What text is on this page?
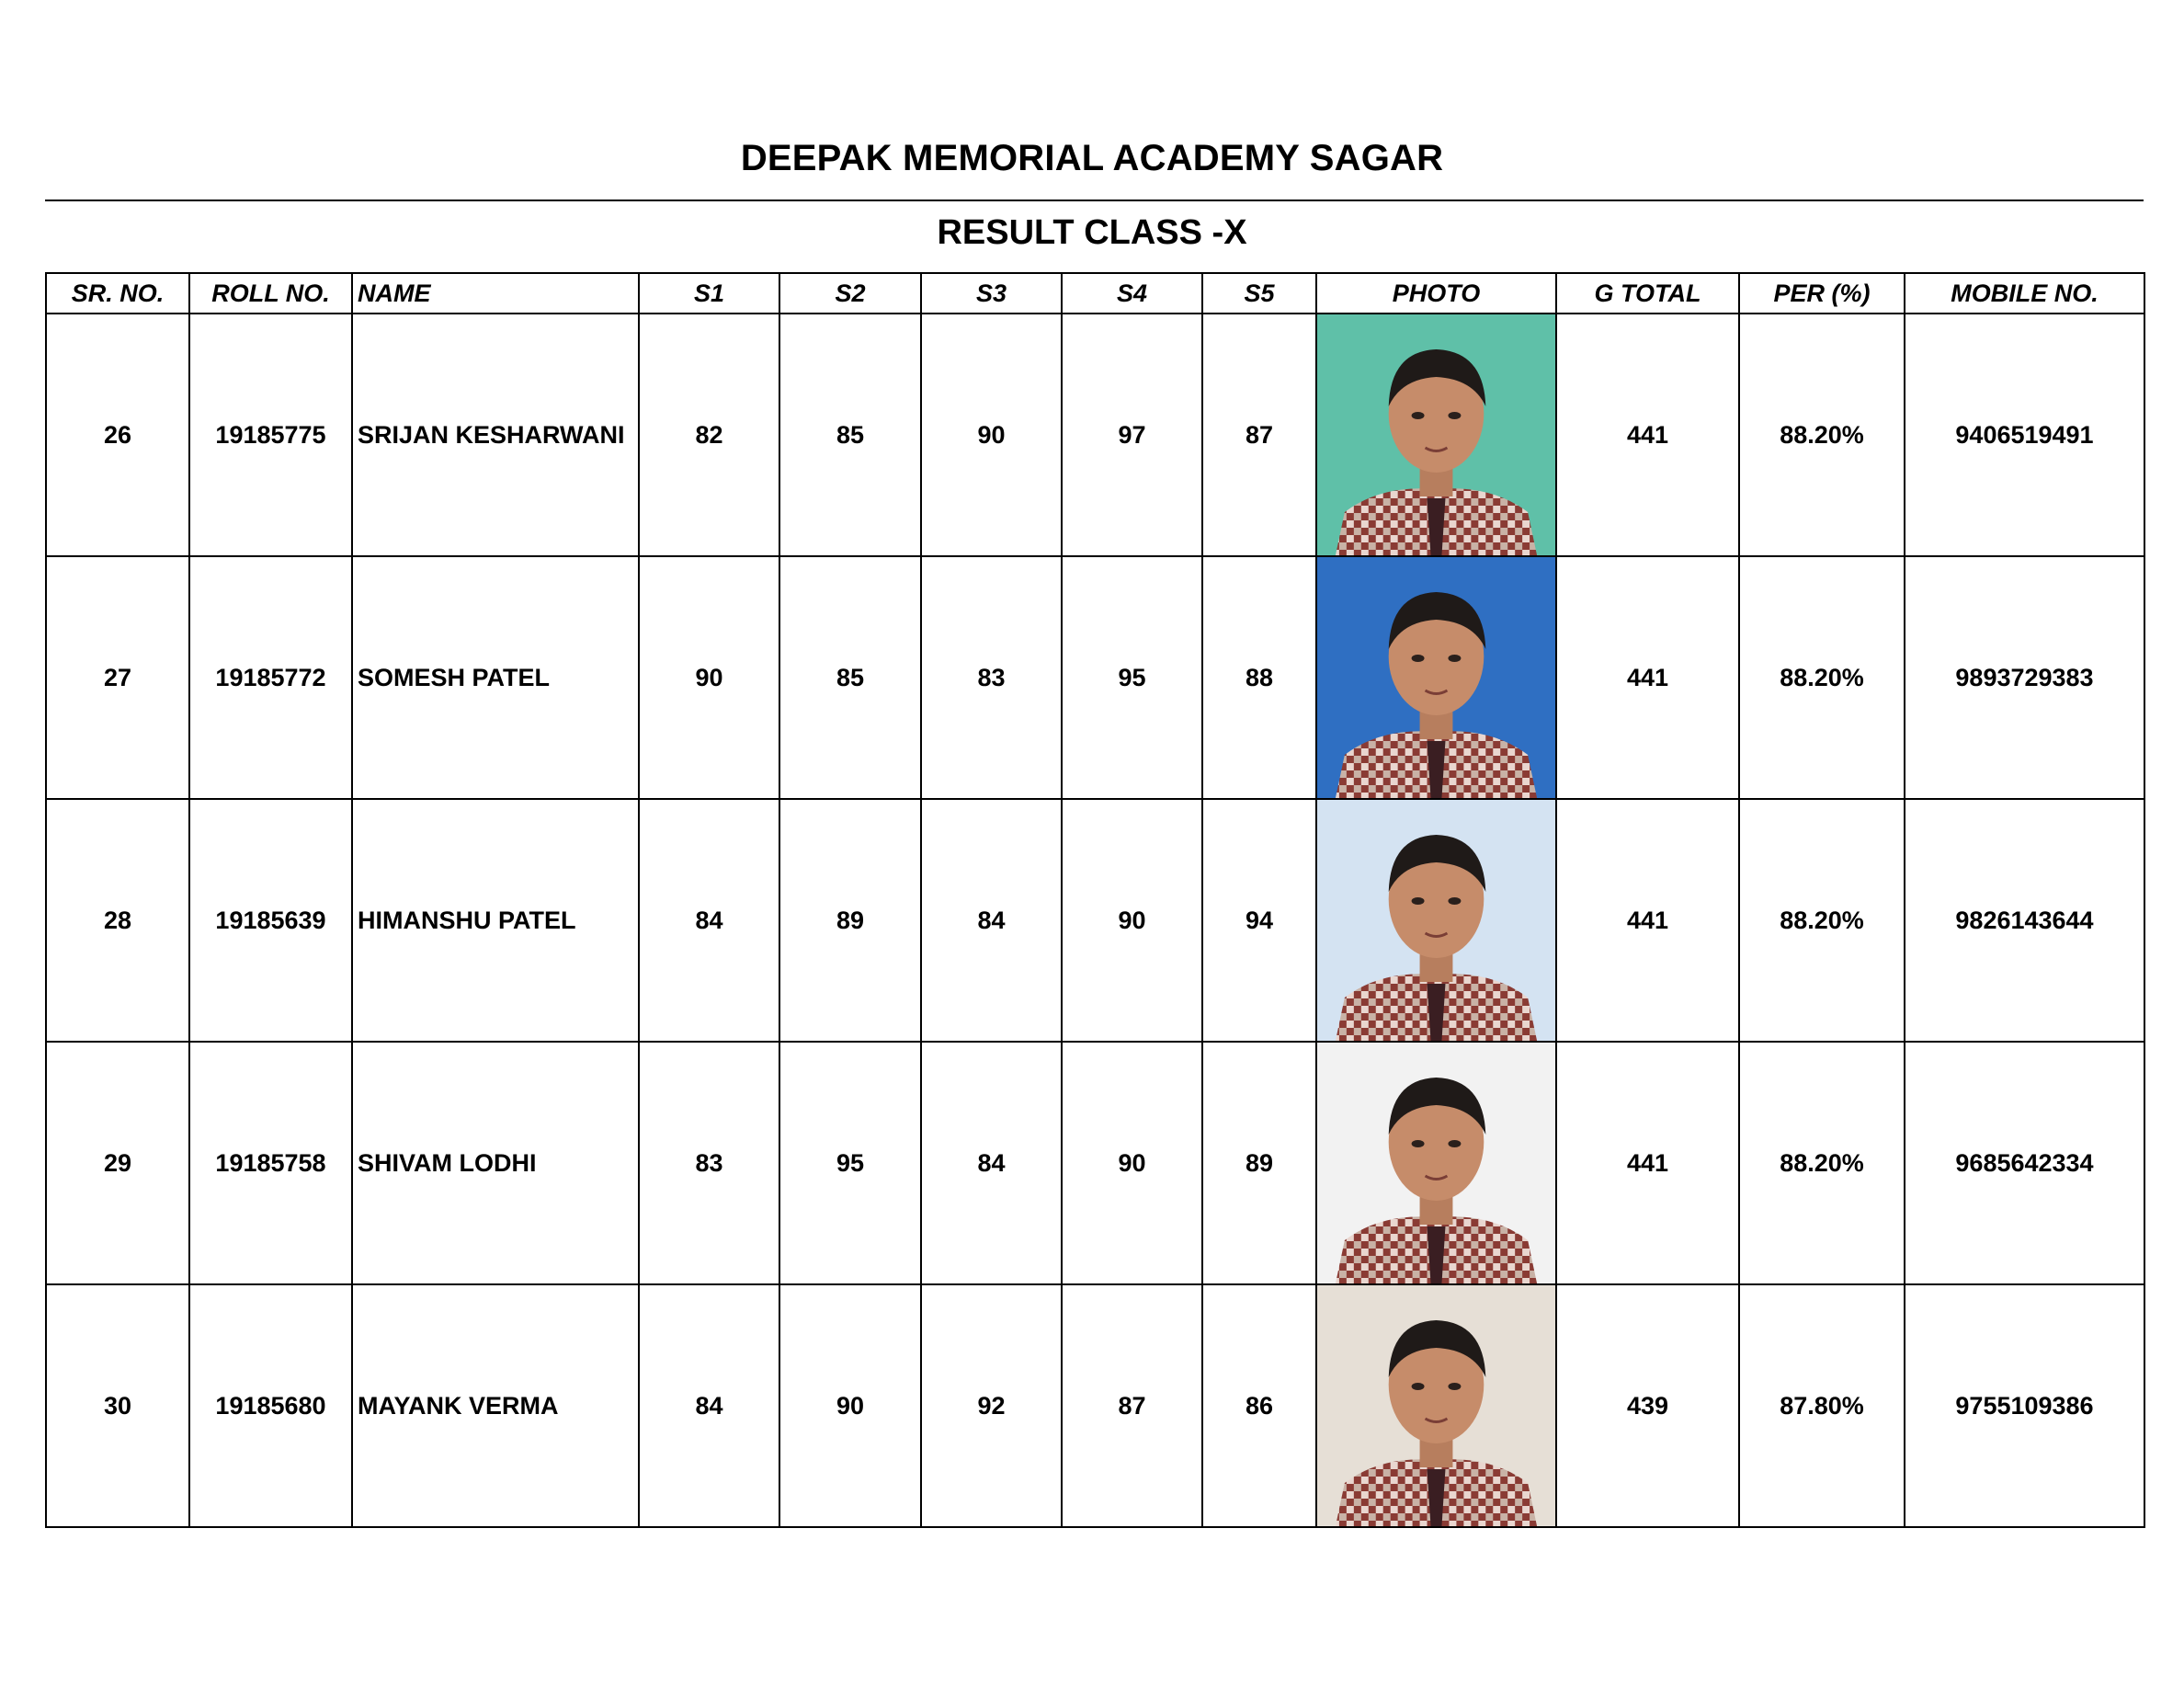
DEEPAK MEMORIAL ACADEMY SAGAR
RESULT CLASS -X
SR. NO.	ROLL NO.	NAME	S1	S2	S3	S4	S5	PHOTO	G TOTAL	PER (%)	MOBILE NO.
26	19185775	SRIJAN KESHARWANI	82	85	90	97	87		441	88.20%	9406519491
27	19185772	SOMESH PATEL	90	85	83	95	88		441	88.20%	9893729383
28	19185639	HIMANSHU PATEL	84	89	84	90	94		441	88.20%	9826143644
29	19185758	SHIVAM LODHI	83	95	84	90	89		441	88.20%	9685642334
30	19185680	MAYANK VERMA	84	90	92	87	86		439	87.80%	9755109386
